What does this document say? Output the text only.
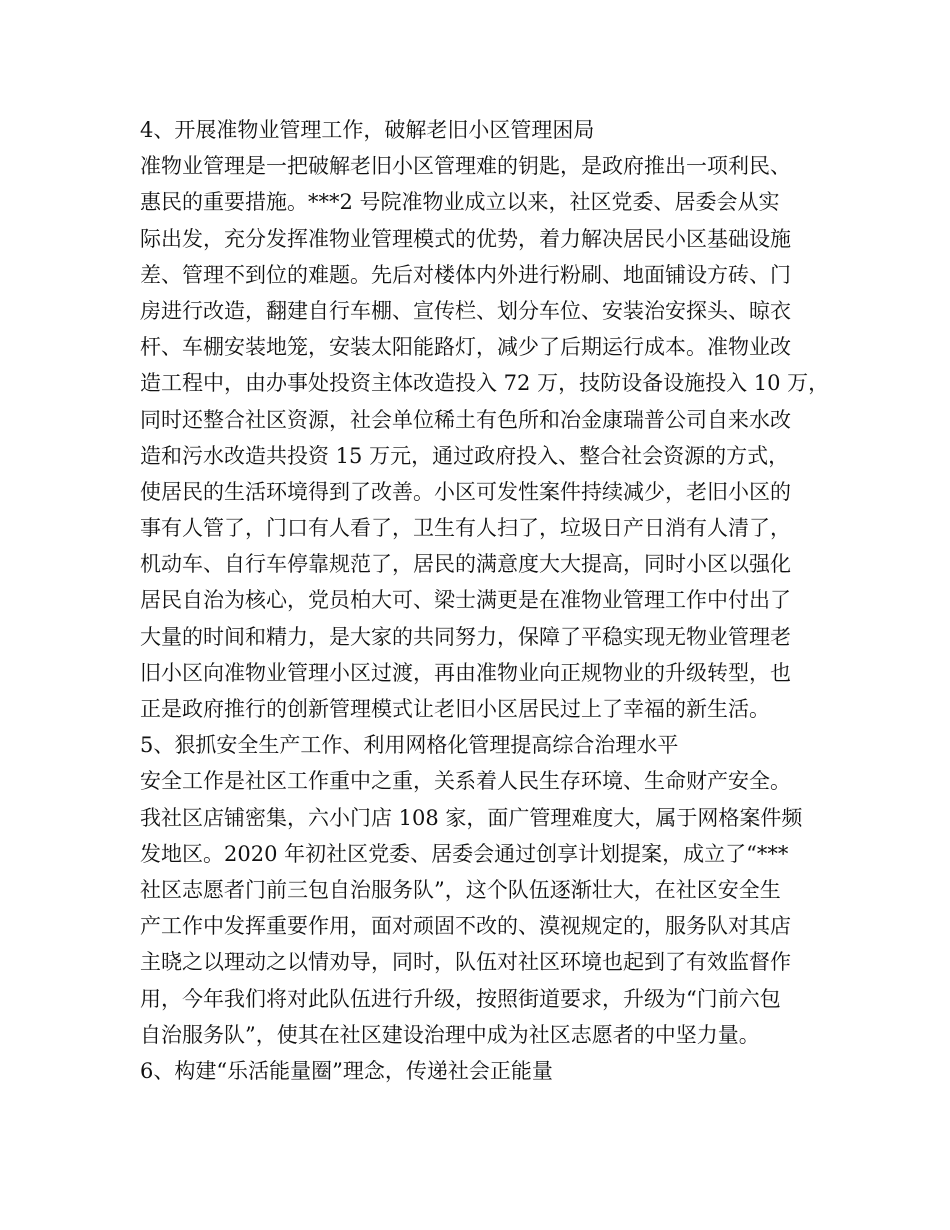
4、开展准物业管理工作，破解老旧小区管理困局
准物业管理是一把破解老旧小区管理难的钥匙，是政府推出一项利民、
惠民的重要措施。***2 号院准物业成立以来，社区党委、居委会从实
际出发，充分发挥准物业管理模式的优势，着力解决居民小区基础设施
差、管理不到位的难题。先后对楼体内外进行粉刷、地面铺设方砖、门
房进行改造，翻建自行车棚、宣传栏、划分车位、安装治安探头、晾衣
杆、车棚安装地笼，安装太阳能路灯，减少了后期运行成本。准物业改
造工程中，由办事处投资主体改造投入 72 万，技防设备设施投入 10 万，
同时还整合社区资源，社会单位稀土有色所和冶金康瑞普公司自来水改
造和污水改造共投资 15 万元，通过政府投入、整合社会资源的方式，
使居民的生活环境得到了改善。小区可发性案件持续减少，老旧小区的
事有人管了，门口有人看了，卫生有人扫了，垃圾日产日消有人清了，
机动车、自行车停靠规范了，居民的满意度大大提高，同时小区以强化
居民自治为核心，党员柏大可、梁士满更是在准物业管理工作中付出了
大量的时间和精力，是大家的共同努力，保障了平稳实现无物业管理老
旧小区向准物业管理小区过渡，再由准物业向正规物业的升级转型，也
正是政府推行的创新管理模式让老旧小区居民过上了幸福的新生活。
5、狠抓安全生产工作、利用网格化管理提高综合治理水平
安全工作是社区工作重中之重，关系着人民生存环境、生命财产安全。
我社区店铺密集，六小门店 108 家，面广管理难度大，属于网格案件频
发地区。2020 年初社区党委、居委会通过创享计划提案，成立了“***
社区志愿者门前三包自治服务队”，这个队伍逐渐壮大，在社区安全生
产工作中发挥重要作用，面对顽固不改的、漠视规定的，服务队对其店
主晓之以理动之以情劝导，同时，队伍对社区环境也起到了有效监督作
用，今年我们将对此队伍进行升级，按照街道要求，升级为“门前六包
自治服务队”，使其在社区建设治理中成为社区志愿者的中坚力量。
6、构建“乐活能量圈”理念，传递社会正能量
